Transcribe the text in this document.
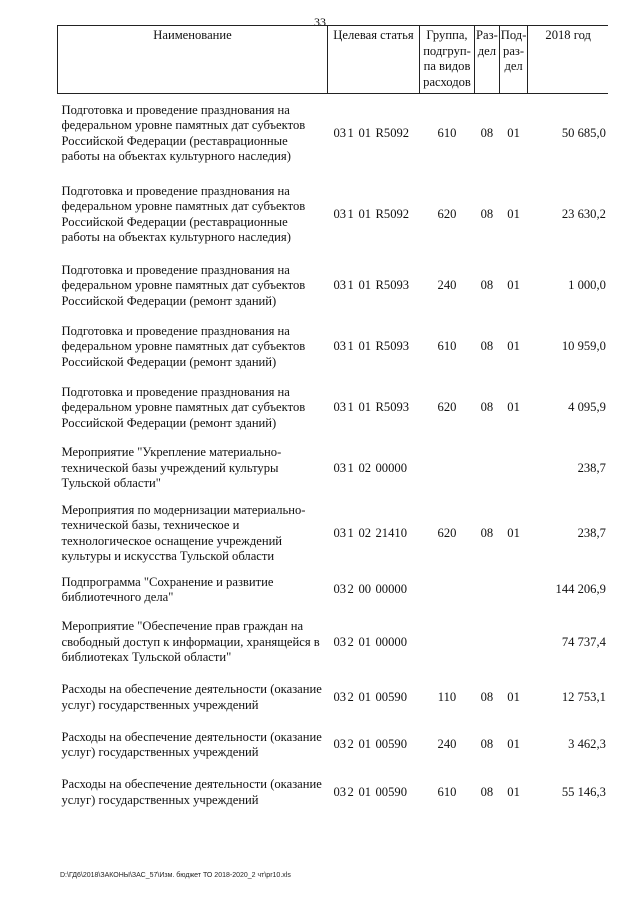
33
Наименование	Целевая статья	Группа, подгруп-па видов расходов	Раз-дел	Под-раз-дел	2018 год
Подготовка и проведение празднования на федеральном уровне памятных дат субъектов Российской Федерации (реставрационные работы на объектах культурного наследия)	031 01 R5092	610	08	01	50 685,0
Подготовка и проведение празднования на федеральном уровне памятных дат субъектов Российской Федерации (реставрационные работы на объектах культурного наследия)	031 01 R5092	620	08	01	23 630,2
Подготовка и проведение празднования на федеральном уровне памятных дат субъектов Российской Федерации (ремонт зданий)	031 01 R5093	240	08	01	1 000,0
Подготовка и проведение празднования на федеральном уровне памятных дат субъектов Российской Федерации (ремонт зданий)	031 01 R5093	610	08	01	10 959,0
Подготовка и проведение празднования на федеральном уровне памятных дат субъектов Российской Федерации (ремонт зданий)	031 01 R5093	620	08	01	4 095,9
Мероприятие "Укрепление материально-технической базы учреждений культуры Тульской области"	031 02 00000				238,7
Мероприятия по модернизации материально-технической базы, техническое и технологическое оснащение учреждений культуры и искусства Тульской области	031 02 21410	620	08	01	238,7
Подпрограмма "Сохранение и развитие библиотечного дела"	032 00 00000				144 206,9
Мероприятие "Обеспечение прав граждан на свободный доступ к информации, хранящейся в библиотеках Тульской области"	032 01 00000				74 737,4
Расходы на обеспечение деятельности (оказание услуг) государственных учреждений	032 01 00590	110	08	01	12 753,1
Расходы на обеспечение деятельности (оказание услуг) государственных учреждений	032 01 00590	240	08	01	3 462,3
Расходы на обеспечение деятельности (оказание услуг) государственных учреждений	032 01 00590	610	08	01	55 146,3
D:\ГД6\2018\ЗАКОНЫ\ЗАС_57\Изм. бюджет ТО 2018-2020_2 чт\pr10.xls
